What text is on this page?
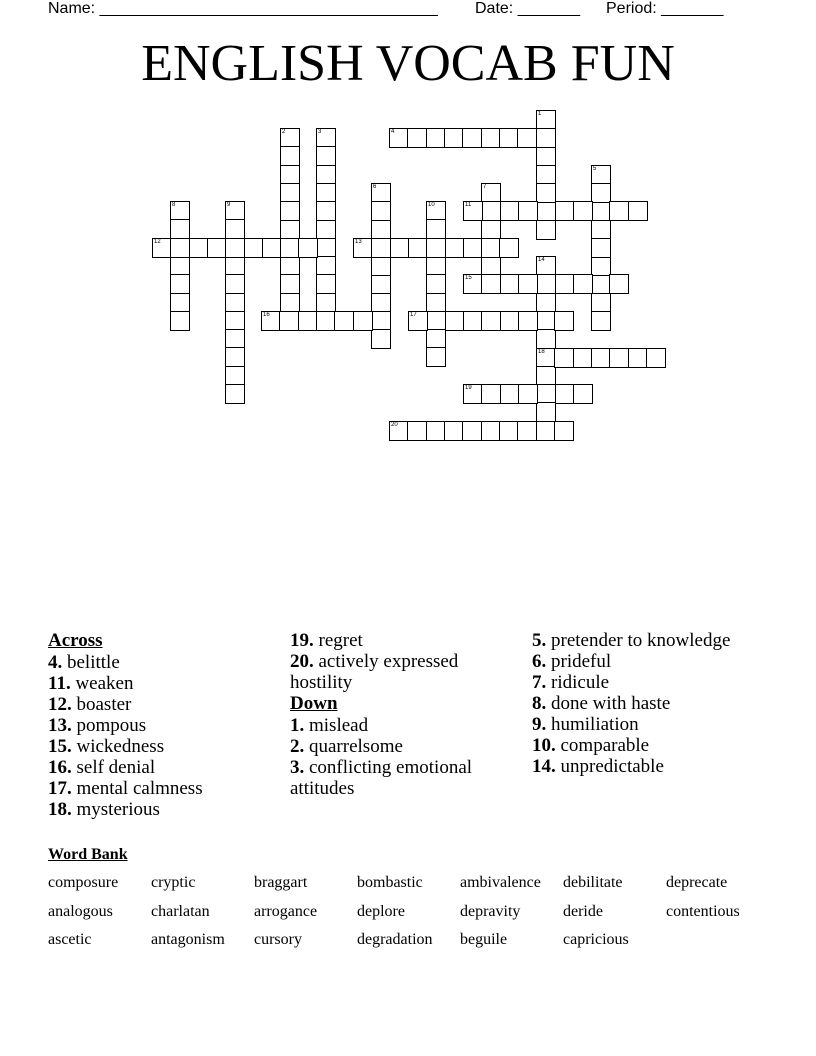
Name: ______________________________________ Date: _______ Period: _______
ENGLISH VOCAB FUN
1
2	3	4
5
6	7
8	9	10	11
12	13
14
18
15
16	17
19
20
Across
4. belittle
11. weaken
12. boaster
13. pompous
15. wickedness
16. self denial
17. mental calmness
18. mysterious
19. regret
20. actively expressed hostility
Down
1. mislead
2. quarrelsome
3. conflicting emotional attitudes
5. pretender to knowledge
6. prideful
7. ridicule
8. done with haste
9. humiliation
10. comparable
14. unpredictable
Word Bank
composure cryptic	braggart	bombastic ambivalence debilitate	deprecate
analogous charlatan	arrogance deplore	depravity	deride	contentious
ascetic	antagonism cursory	degradation beguile	capricious
